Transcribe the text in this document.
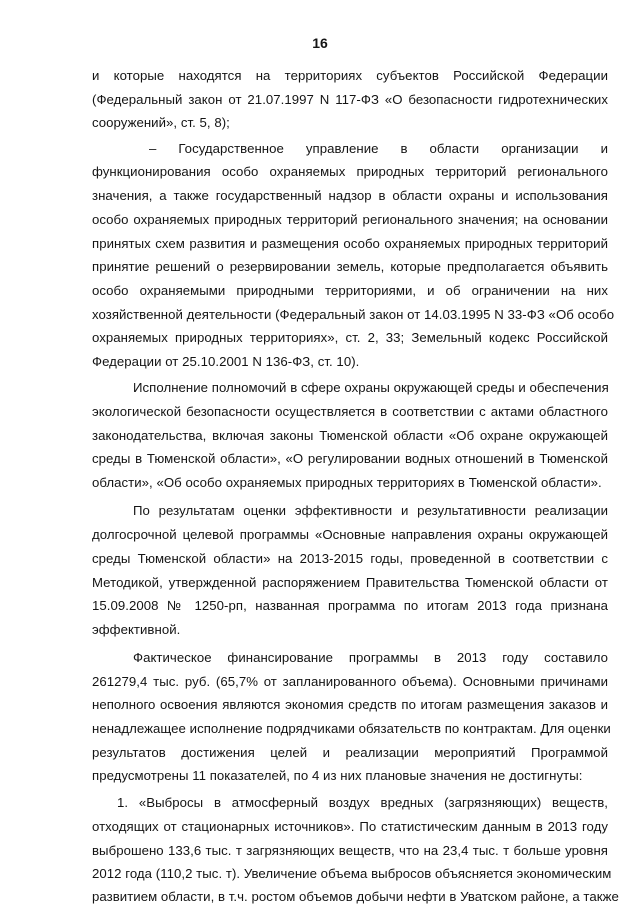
16
и которые находятся на территориях субъектов Российской Федерации
(Федеральный закон от 21.07.1997 N 117-ФЗ «О безопасности гидротехнических
сооружений», ст. 5, 8);
– Государственное управление в области организации и
функционирования особо охраняемых природных территорий регионального
значения, а также государственный надзор в области охраны и использования
особо охраняемых природных территорий регионального значения; на основании
принятых схем развития и размещения особо охраняемых природных территорий
принятие решений о резервировании земель, которые предполагается объявить
особо охраняемыми природными территориями, и об ограничении на них
хозяйственной деятельности (Федеральный закон от 14.03.1995 N 33-ФЗ «Об особо
охраняемых природных территориях», ст. 2, 33; Земельный кодекс Российской
Федерации от 25.10.2001 N 136-ФЗ, ст. 10).
Исполнение полномочий в сфере охраны окружающей среды и обеспечения
экологической безопасности осуществляется в соответствии с актами областного
законодательства, включая законы Тюменской области «Об охране окружающей
среды в Тюменской области», «О регулировании водных отношений в Тюменской
области», «Об особо охраняемых природных территориях в Тюменской области».
По результатам оценки эффективности и результативности реализации
долгосрочной целевой программы «Основные направления охраны окружающей
среды Тюменской области» на 2013-2015 годы, проведенной в соответствии с
Методикой, утвержденной распоряжением Правительства Тюменской области от
15.09.2008 № 1250-рп, названная программа по итогам 2013 года признана
эффективной.
Фактическое финансирование программы в 2013 году составило
261279,4 тыс. руб. (65,7% от запланированного объема). Основными причинами
неполного освоения являются экономия средств по итогам размещения заказов и
ненадлежащее исполнение подрядчиками обязательств по контрактам. Для оценки
результатов достижения целей и реализации мероприятий Программой
предусмотрены 11 показателей, по 4 из них плановые значения не достигнуты:
1. «Выбросы в атмосферный воздух вредных (загрязняющих) веществ,
отходящих от стационарных источников». По статистическим данным в 2013 году
выброшено 133,6 тыс. т загрязняющих веществ, что на 23,4 тыс. т больше уровня
2012 года (110,2 тыс. т). Увеличение объема выбросов объясняется экономическим
развитием области, в т.ч. ростом объемов добычи нефти в Уватском районе, а также
